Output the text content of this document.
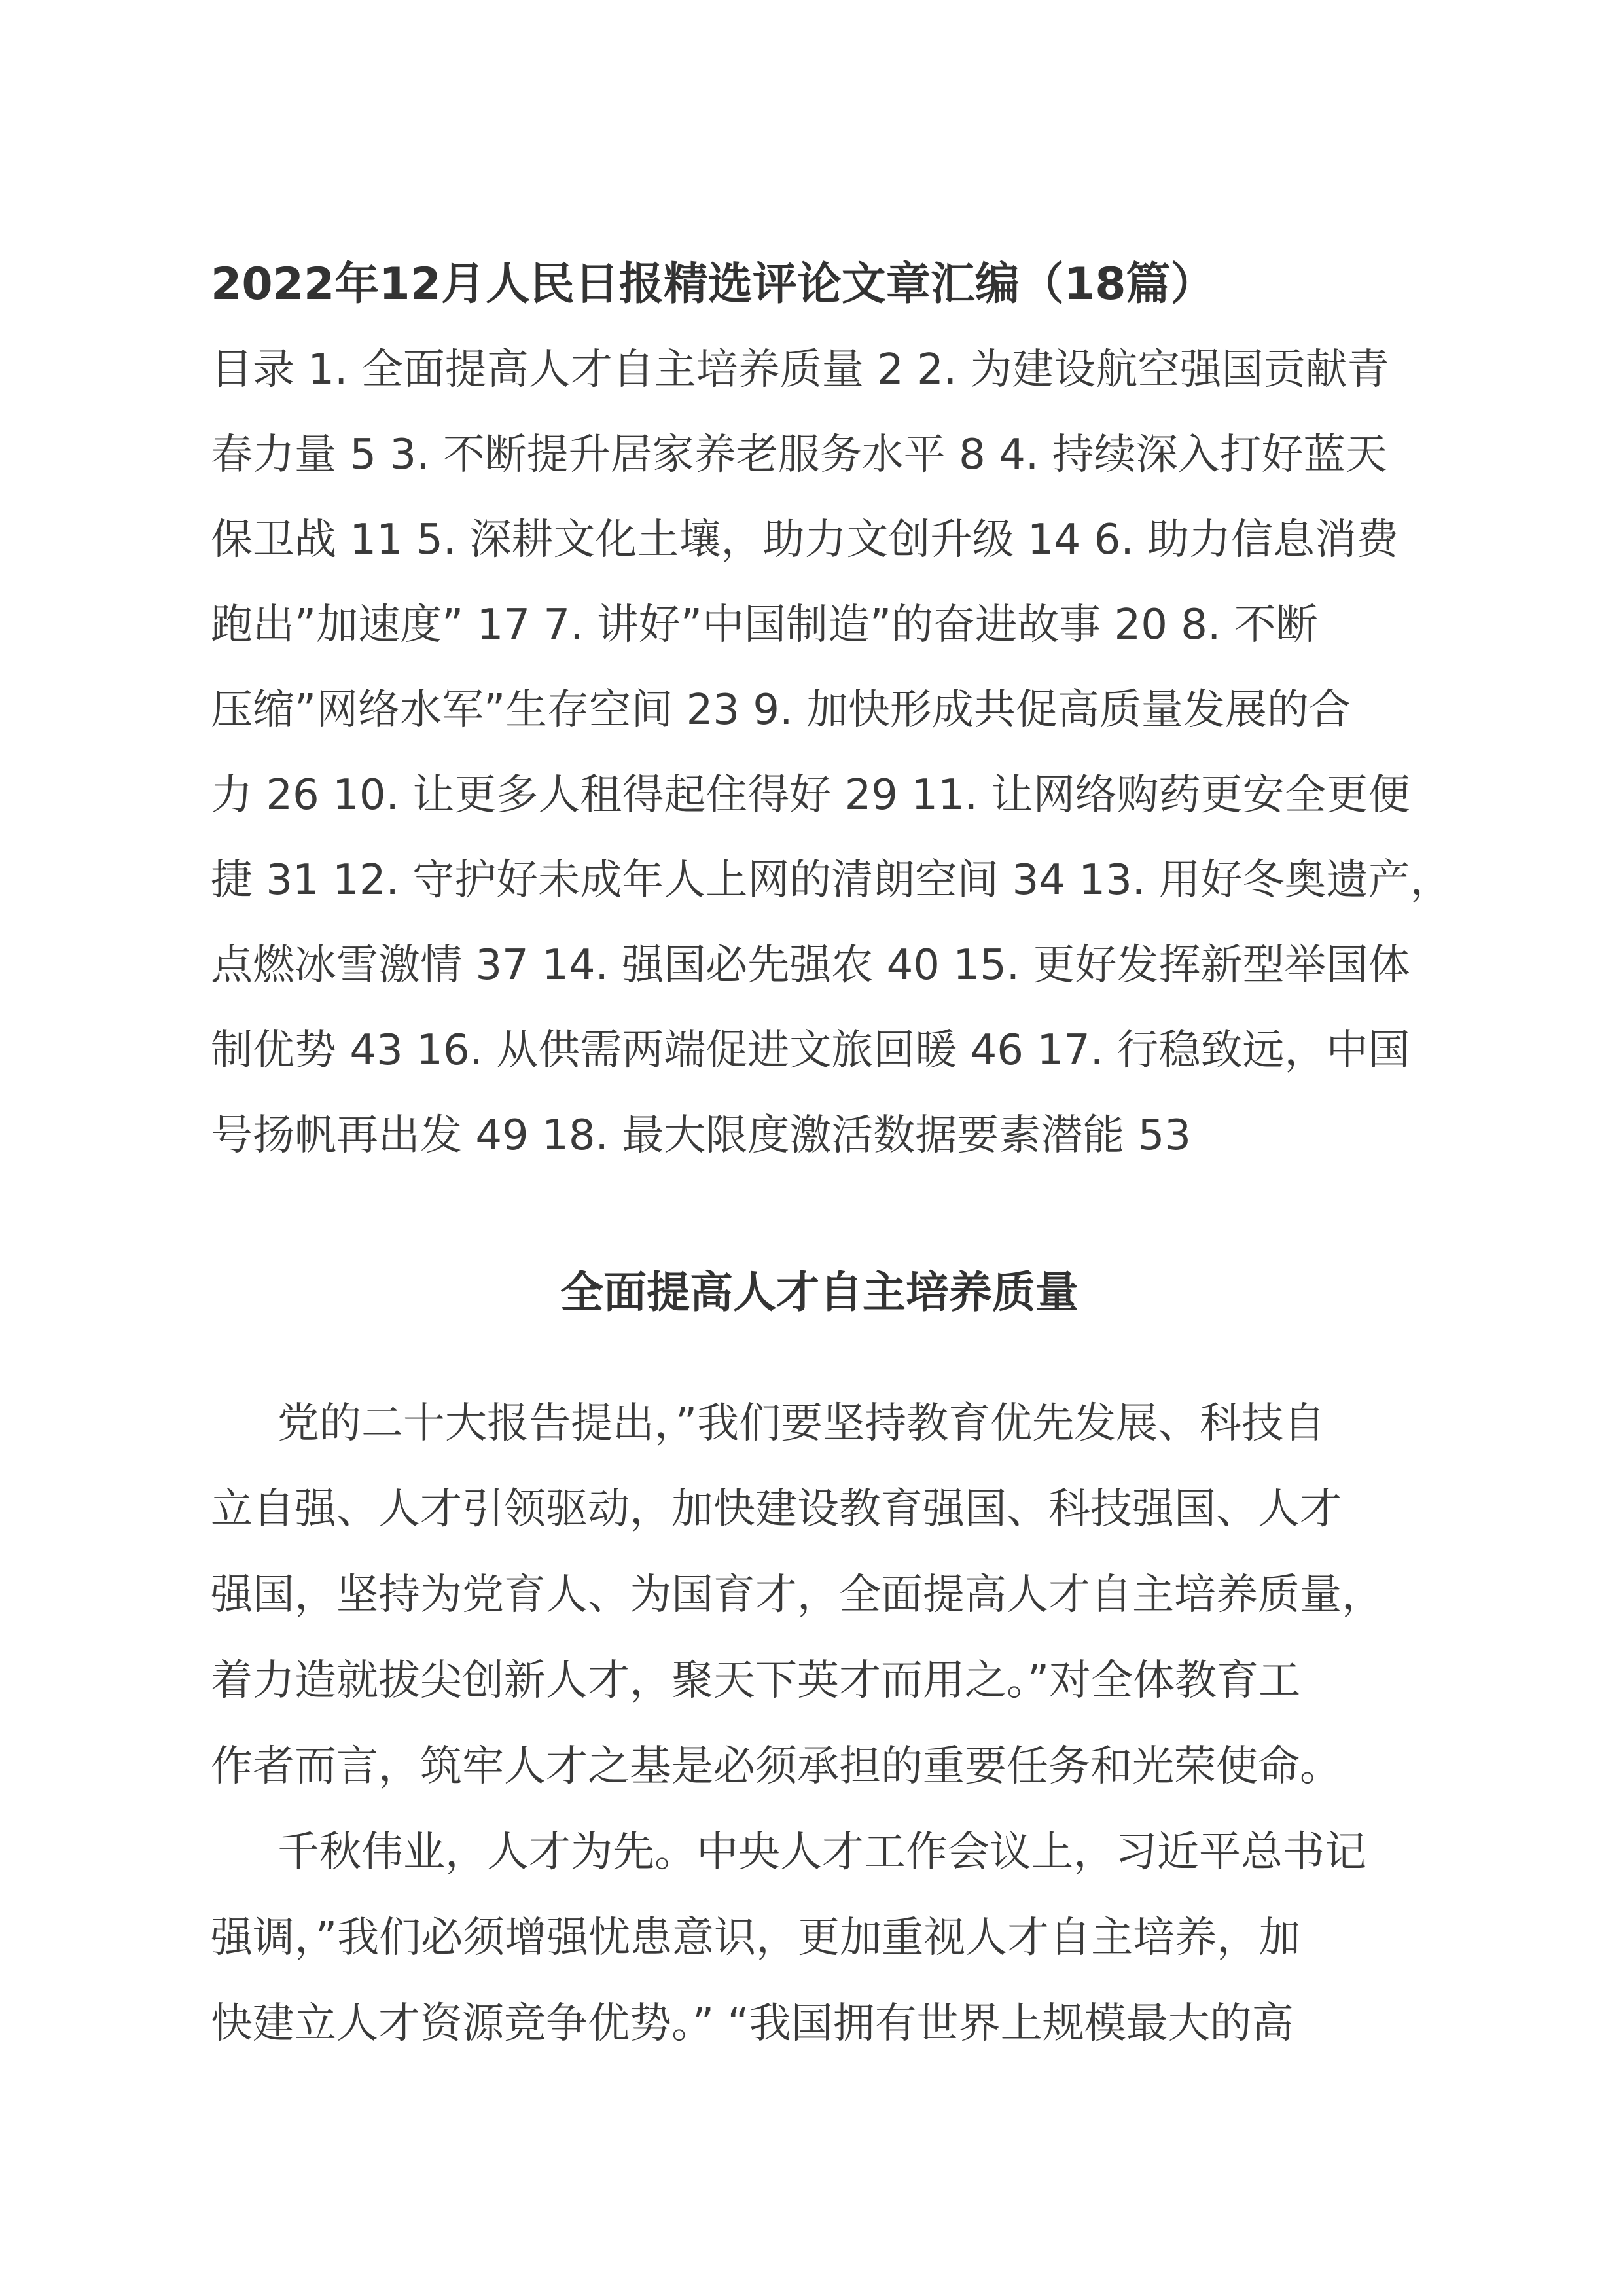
2022年12月人民日报精选评论文章汇编（18篇）
目录 1. 全面提高人才自主培养质量 2 2. 为建设航空强国贡献青
春力量 5 3. 不断提升居家养老服务水平 8 4. 持续深入打好蓝天
保卫战 11 5. 深耕文化土壤，助力文创升级 14 6. 助力信息消费
跑出”加速度” 17 7. 讲好”中国制造”的奋进故事 20 8. 不断
压缩”网络水军”生存空间 23 9. 加快形成共促高质量发展的合
力 26 10. 让更多人租得起住得好 29 11. 让网络购药更安全更便
捷 31 12. 守护好未成年人上网的清朗空间 34 13. 用好冬奥遗产，
点燃冰雪激情 37 14. 强国必先强农 40 15. 更好发挥新型举国体
制优势 43 16. 从供需两端促进文旅回暖 46 17. 行稳致远，中国
号扬帆再出发 49 18. 最大限度激活数据要素潜能 53
全面提高人才自主培养质量
党的二十大报告提出，”我们要坚持教育优先发展、科技自
立自强、人才引领驱动，加快建设教育强国、科技强国、人才
强国，坚持为党育人、为国育才，全面提高人才自主培养质量，
着力造就拔尖创新人才，聚天下英才而用之。”对全体教育工
作者而言，筑牢人才之基是必须承担的重要任务和光荣使命。
千秋伟业，人才为先。中央人才工作会议上，习近平总书记
强调，”我们必须增强忧患意识，更加重视人才自主培养，加
快建立人才资源竞争优势。” “我国拥有世界上规模最大的高
